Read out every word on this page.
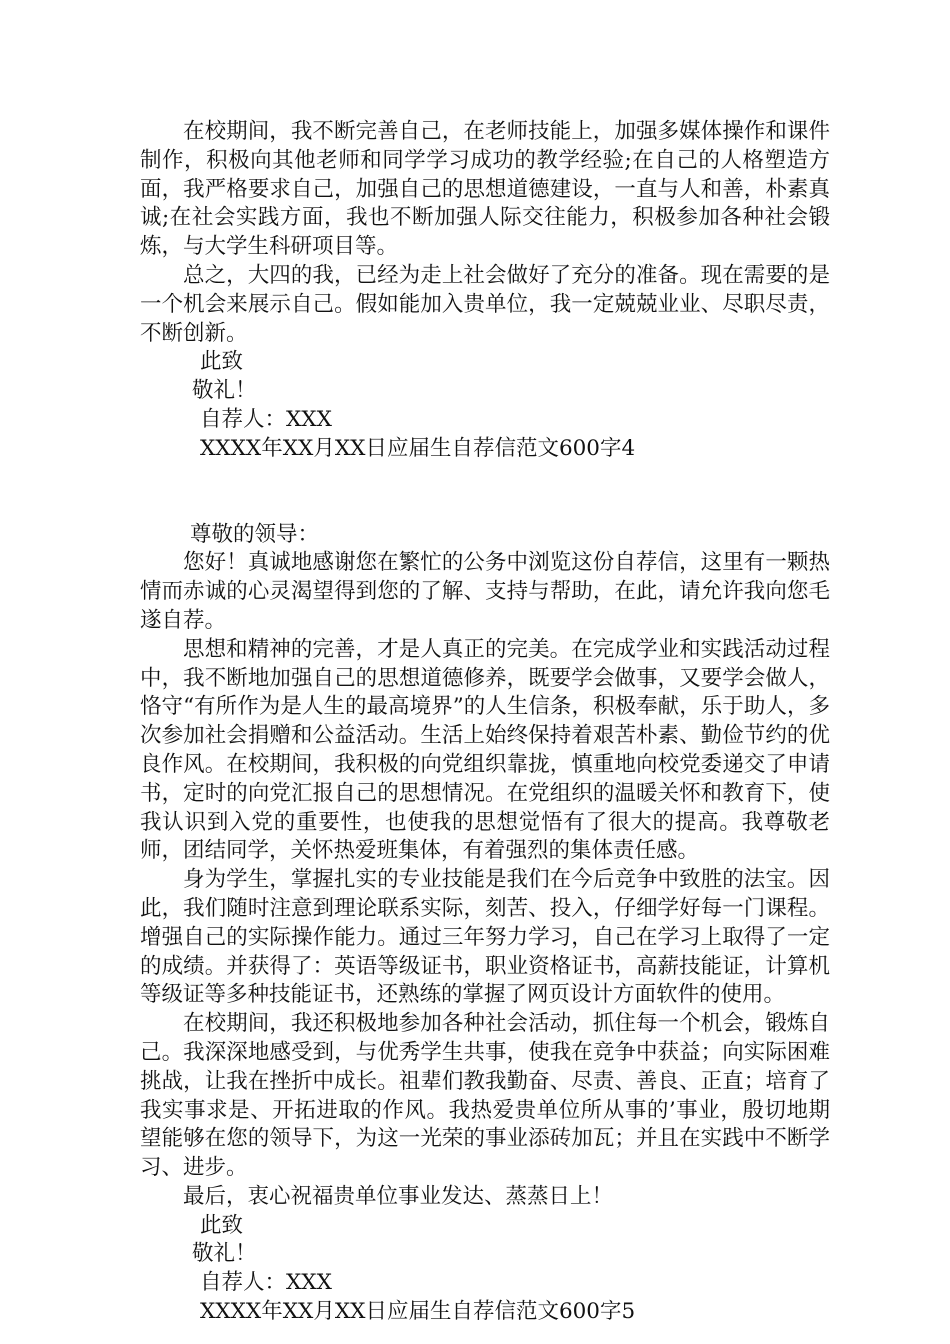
在校期间，我不断完善自己，在老师技能上，加强多媒体操作和课件制作，积极向其他老师和同学学习成功的教学经验;在自己的人格塑造方面，我严格要求自己，加强自己的思想道德建设，一直与人和善，朴素真诚;在社会实践方面，我也不断加强人际交往能力，积极参加各种社会锻炼，与大学生科研项目等。

总之，大四的我，已经为走上社会做好了充分的准备。现在需要的是一个机会来展示自己。假如能加入贵单位，我一定兢兢业业、尽职尽责，不断创新。

此致

敬礼！

自荐人：XXX

XXXX年XX月XX日应届生自荐信范文600字4

尊敬的领导：

您好！真诚地感谢您在繁忙的公务中浏览这份自荐信，这里有一颗热情而赤诚的心灵渴望得到您的了解、支持与帮助，在此，请允许我向您毛遂自荐。

思想和精神的完善，才是人真正的完美。在完成学业和实践活动过程中，我不断地加强自己的思想道德修养，既要学会做事，又要学会做人，恪守“有所作为是人生的最高境界”的人生信条，积极奉献，乐于助人，多次参加社会捐赠和公益活动。生活上始终保持着艰苦朴素、勤俭节约的优良作风。在校期间，我积极的向党组织靠拢，慎重地向校党委递交了申请书，定时的向党汇报自己的思想情况。在党组织的温暖关怀和教育下，使我认识到入党的重要性，也使我的思想觉悟有了很大的提高。我尊敬老师，团结同学，关怀热爱班集体，有着强烈的集体责任感。

身为学生，掌握扎实的专业技能是我们在今后竞争中致胜的法宝。因此，我们随时注意到理论联系实际，刻苦、投入，仔细学好每一门课程。增强自己的实际操作能力。通过三年努力学习，自己在学习上取得了一定的成绩。并获得了：英语等级证书，职业资格证书，高薪技能证，计算机等级证等多种技能证书，还熟练的掌握了网页设计方面软件的使用。

在校期间，我还积极地参加各种社会活动，抓住每一个机会，锻炼自己。我深深地感受到，与优秀学生共事，使我在竞争中获益；向实际困难挑战，让我在挫折中成长。祖辈们教我勤奋、尽责、善良、正直；培育了我实事求是、开拓进取的作风。我热爱贵单位所从事的’事业，殷切地期望能够在您的领导下，为这一光荣的事业添砖加瓦；并且在实践中不断学习、进步。

最后，衷心祝福贵单位事业发达、蒸蒸日上！

此致

敬礼！

自荐人：XXX

XXXX年XX月XX日应届生自荐信范文600字5
